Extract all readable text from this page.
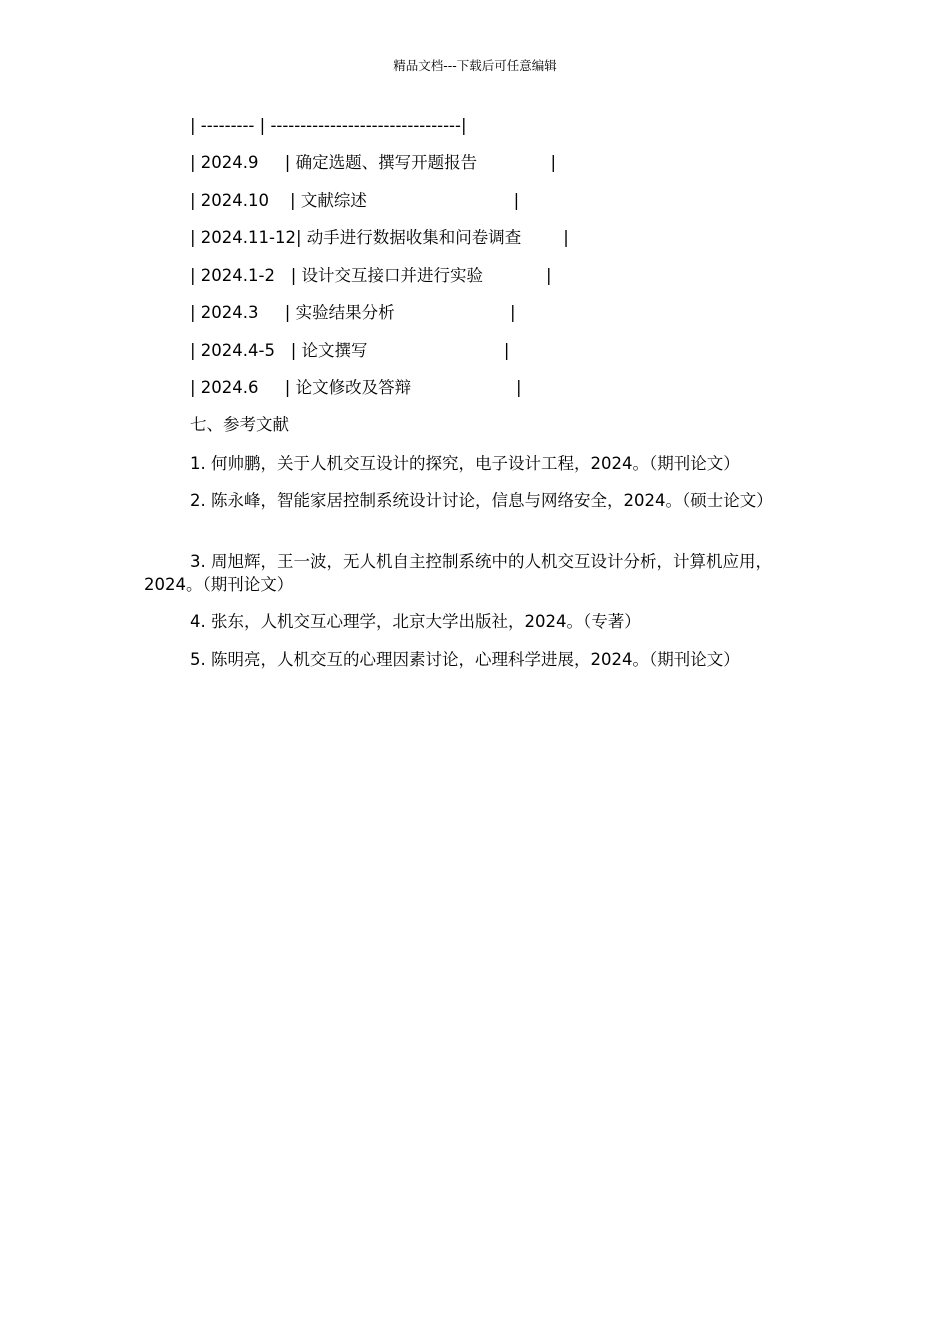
精品文档---下载后可任意编辑
| --------- | --------------------------------|
| 2024.9     | 确定选题、撰写开题报告              |
| 2024.10    | 文献综述                            |
| 2024.11-12| 动手进行数据收集和问卷调查        |
| 2024.1-2   | 设计交互接口并进行实验            |
| 2024.3     | 实验结果分析                      |
| 2024.4-5   | 论文撰写                          |
| 2024.6     | 论文修改及答辩                    |
七、参考文献
1. 何帅鹏，关于人机交互设计的探究，电子设计工程，2024。（期刊论文）
2. 陈永峰，智能家居控制系统设计讨论，信息与网络安全，2024。（硕士论文）
3. 周旭辉，王一波，无人机自主控制系统中的人机交互设计分析，计算机应用，2024。（期刊论文）
4. 张东，人机交互心理学，北京大学出版社，2024。（专著）
5. 陈明亮，人机交互的心理因素讨论，心理科学进展，2024。（期刊论文）
